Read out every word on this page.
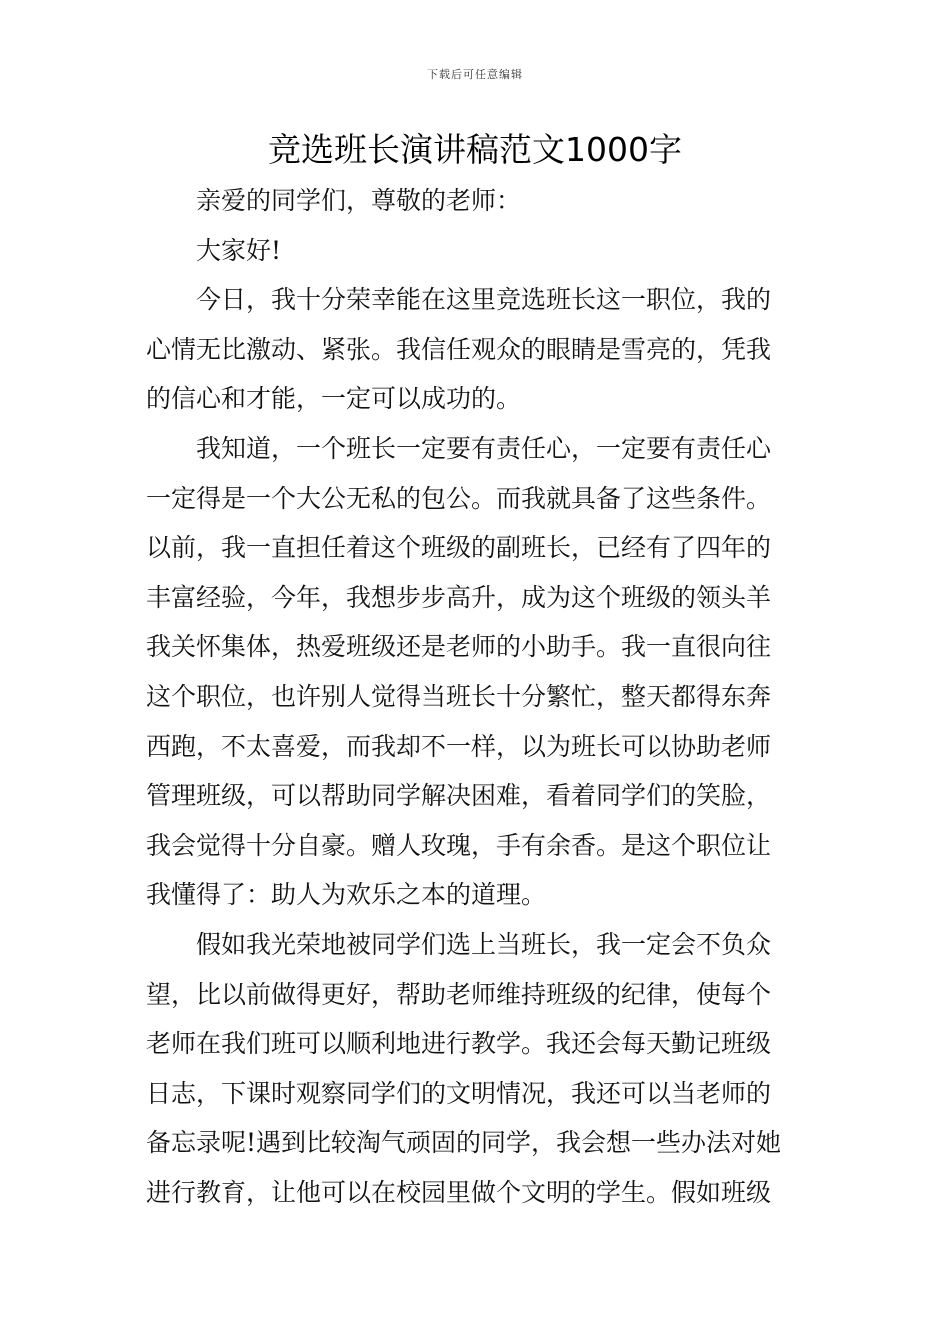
下载后可任意编辑
竞选班长演讲稿范文1000字
亲爱的同学们，尊敬的老师：
大家好!
今日，我十分荣幸能在这里竞选班长这一职位，我的
心情无比激动、紧张。我信任观众的眼睛是雪亮的，凭我
的信心和才能，一定可以成功的。
我知道，一个班长一定要有责任心，一定要有责任心
一定得是一个大公无私的包公。而我就具备了这些条件。
以前，我一直担任着这个班级的副班长，已经有了四年的
丰富经验，今年，我想步步高升，成为这个班级的领头羊
我关怀集体，热爱班级还是老师的小助手。我一直很向往
这个职位，也许别人觉得当班长十分繁忙，整天都得东奔
西跑，不太喜爱，而我却不一样，以为班长可以协助老师
管理班级，可以帮助同学解决困难，看着同学们的笑脸，
我会觉得十分自豪。赠人玫瑰，手有余香。是这个职位让
我懂得了：助人为欢乐之本的道理。
假如我光荣地被同学们选上当班长，我一定会不负众
望，比以前做得更好，帮助老师维持班级的纪律，使每个
老师在我们班可以顺利地进行教学。我还会每天勤记班级
日志，下课时观察同学们的文明情况，我还可以当老师的
备忘录呢!遇到比较淘气顽固的同学，我会想一些办法对她
进行教育，让他可以在校园里做个文明的学生。假如班级
